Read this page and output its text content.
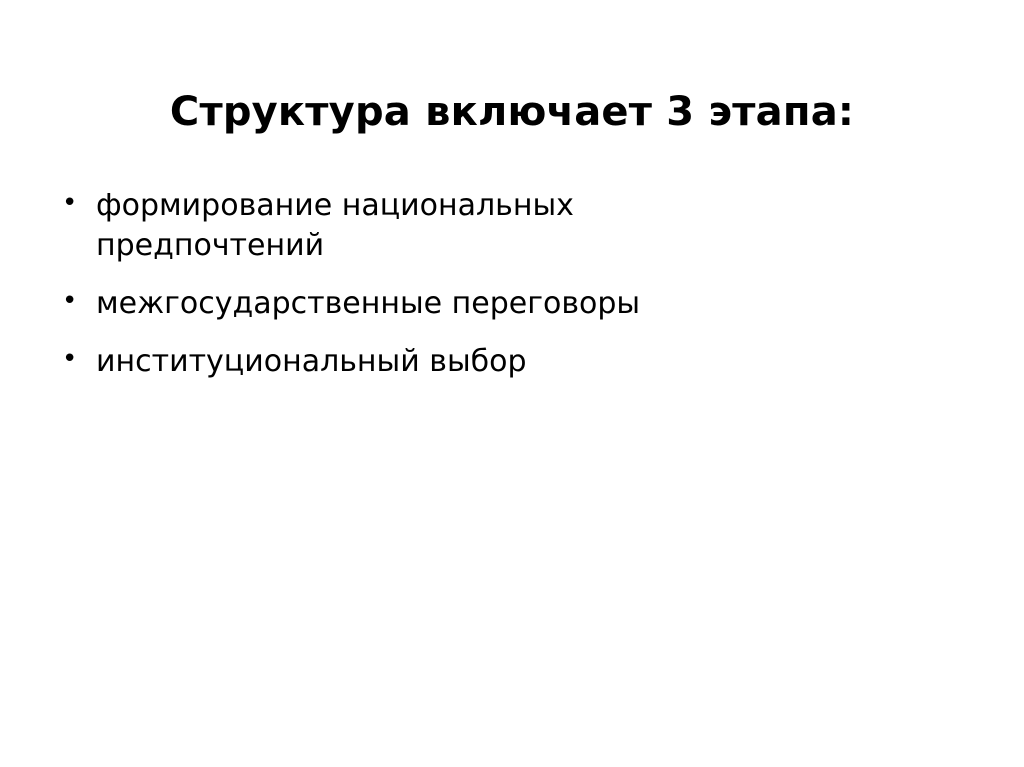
Структура включает 3 этапа:
• формирование национальных предпочтений
• межгосударственные переговоры
• институциональный выбор
